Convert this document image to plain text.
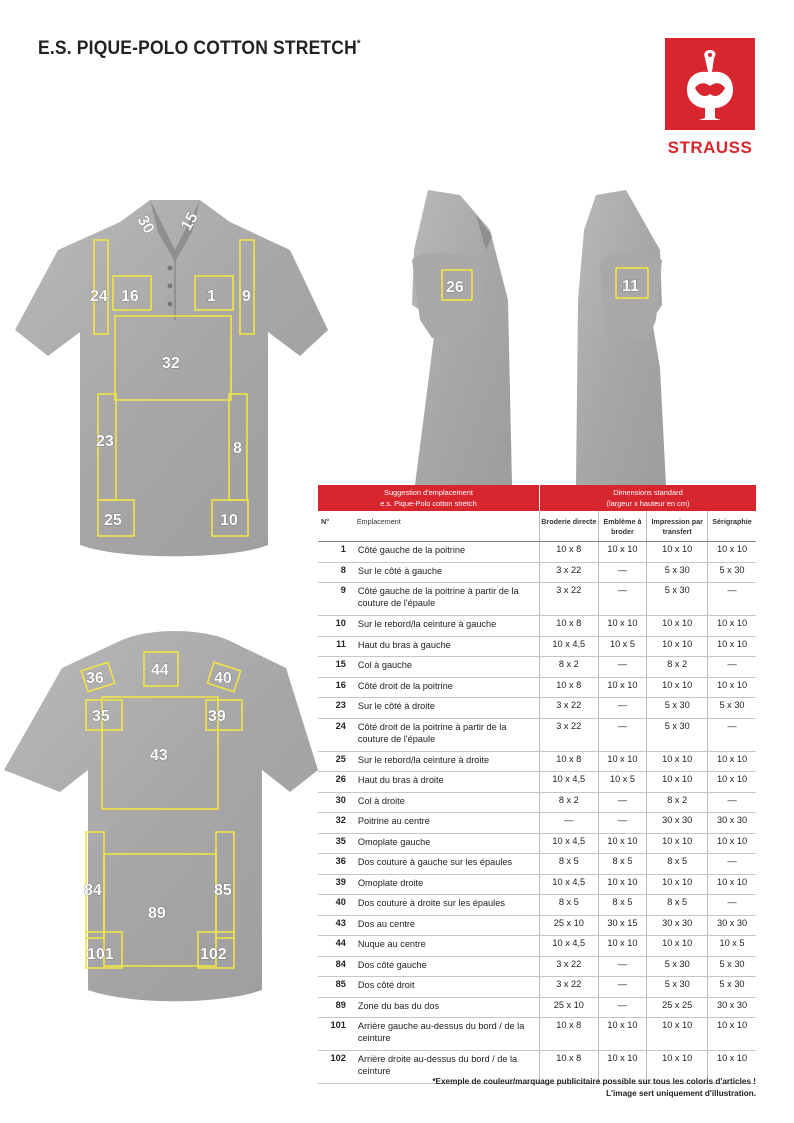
E.S. PIQUE-POLO COTTON STRETCH*
STRAUSS
30 15
24 16	1 9
32
23	8
25	10
26	11
36	44	40
35	39
43
84	85
89
101	102
Suggestion d'emplacement
e.s. Pique-Polo cotton stretch		Dimensions standard
(largeur x hauteur en cm)			
N°	Emplacement	Broderie directe	Emblème à broder	Impression par transfert	Sérigraphie
1	Côté gauche de la poitrine	10 x 8	10 x 10	10 x 10	10 x 10
8	Sur le côté à gauche	3 x 22	—	5 x 30	5 x 30
9	Côté gauche de la poitrine à partir de la couture de l'épaule	3 x 22	—	5 x 30	—
10	Sur le rebord/la ceinture à gauche	10 x 8	10 x 10	10 x 10	10 x 10
11	Haut du bras à gauche	10 x 4,5	10 x 5	10 x 10	10 x 10
15	Col à gauche	8 x 2	—	8 x 2	—
16	Côté droit de la poitrine	10 x 8	10 x 10	10 x 10	10 x 10
23	Sur le côté à droite	3 x 22	—	5 x 30	5 x 30
24	Côté droit de la poitrine à partir de la couture de l'épaule	3 x 22	—	5 x 30	—
25	Sur le rebord/la ceinture à droite	10 x 8	10 x 10	10 x 10	10 x 10
26	Haut du bras à droite	10 x 4,5	10 x 5	10 x 10	10 x 10
30	Col à droite	8 x 2	—	8 x 2	—
32	Poitrine au centre	—	—	30 x 30	30 x 30
35	Omoplate gauche	10 x 4,5	10 x 10	10 x 10	10 x 10
36	Dos couture à gauche sur les épaules	8 x 5	8 x 5	8 x 5	—
39	Omoplate droite	10 x 4,5	10 x 10	10 x 10	10 x 10
40	Dos couture à droite sur les épaules	8 x 5	8 x 5	8 x 5	—
43	Dos au centre	25 x 10	30 x 15	30 x 30	30 x 30
44	Nuque au centre	10 x 4,5	10 x 10	10 x 10	10 x 5
84	Dos côté gauche	3 x 22	—	5 x 30	5 x 30
85	Dos côté droit	3 x 22	—	5 x 30	5 x 30
89	Zone du bas du dos	25 x 10	—	25 x 25	30 x 30
101	Arrière gauche au-dessus du bord / de la ceinture	10 x 8	10 x 10	10 x 10	10 x 10
102	Arrière droite au-dessus du bord / de la ceinture	10 x 8	10 x 10	10 x 10	10 x 10
*Exemple de couleur/marquage publicitaire possible sur tous les coloris d'articles !
L'image sert uniquement d'illustration.
